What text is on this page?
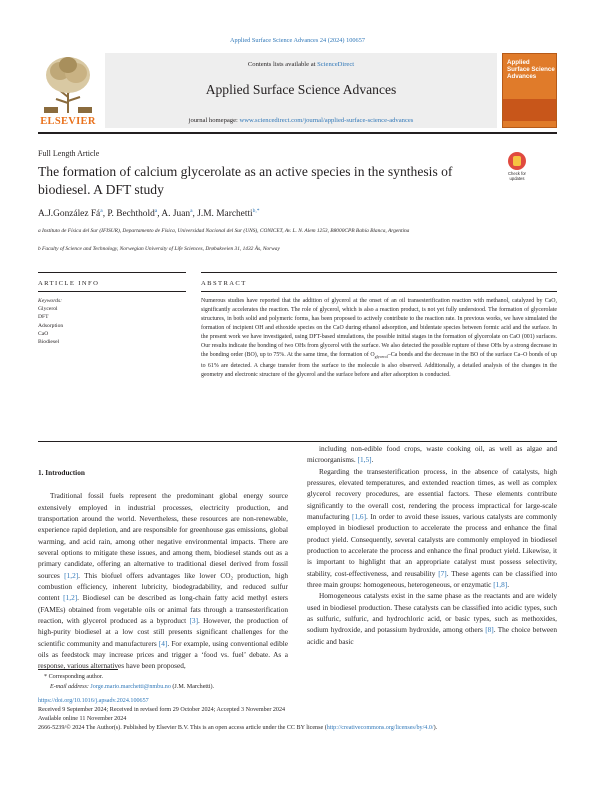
Applied Surface Science Advances 24 (2024) 100657
ELSEVIER
Contents lists available at ScienceDirect
Applied Surface Science Advances
journal homepage: www.sciencedirect.com/journal/applied-surface-science-advances
Applied
Surface Science
Advances
Full Length Article
The formation of calcium glycerolate as an active species in the synthesis of biodiesel. A DFT study
Check for
updates
A.J.González $Fá^a$, P. Bechthold$^a$, A. Juan$^a$, J.M. Marchetti$^{b,*}$
a Instituto de Física del Sur (IFISUR), Departamento de Física, Universidad Nacional del Sur (UNS), CONICET, Av. L. N. Alem 1253, B8000CPB Bahía Blanca, Argentina
b Faculty of Science and Technology, Norwegian University of Life Sciences, Drøbakveien 31, 1432 Ås, Norway
ARTICLE INFO	ABSTRACT
Keywords:
Glycerol
DFT
Adsorption
CaO
Biodiesel
Numerous studies have reported that the addition of glycerol at the onset of an oil transesterification reaction with methanol, catalyzed by CaO, significantly accelerates the reaction. The role of glycerol, which is also a reaction product, is not yet fully understood. The formation of glycerolate structures, in both solid and polymeric forms, has been proposed to actively contribute to the reaction rate. In previous works, we have simulated the formation of incipient OH and ethoxide species on the CaO during ethanol adsorption, and bidentate species between formic acid and the surface. In the present work we have investigated, using DFT-based simulations, the possible initial stages in the formation of glycerolate on CaO (001) surfaces. Our results indicate the bonding of two OHs from glycerol with the surface. We also detected the possible rupture of these OHs by a strong decrease in the bonding order (BO), up to 75%. At the same time, the formation of $O_{glycerol}-Ca$ bonds and the decrease in the BO of the surface Ca–O bonds of up to 61% are detected. A charge transfer from the surface to the molecule is also observed. Additionally, a detailed analysis of the changes in the geometry and electronic structure of the glycerol and the surface before and after adsorption is conducted.

1. Introduction

Traditional fossil fuels represent the predominant global energy source extensively employed in industrial processes, electricity production, and transportation around the world. Nevertheless, these resources are non-renewable, experience rapid depletion, and are responsible for greenhouse gas emissions, global warming, and acid rain, among other negative environmental impacts. There are several options to mitigate these issues, and among them, biodiesel stands out as a primary candidate, offering an alternative to traditional diesel derived from fossil sources [1,2]. This biofuel offers advantages like lower CO₂ production, high combustion efficiency, inherent lubricity, biodegradability, and reduced sulfur content [1,2]. Biodiesel can be described as long-chain fatty acid methyl esters (FAMEs) obtained from vegetable oils or animal fats through a transesterification reaction, with glycerol produced as a byproduct [3]. However, the production of high-purity biodiesel at a low cost still presents significant challenges for the scientific community and manufacturers [4]. For example, using conventional edible oils as feedstock may increase prices and trigger a ‘food vs. fuel’ debate. As a response, various alternatives have been proposed,

including non-edible food crops, waste cooking oil, as well as algae and microorganisms. [1,5].

Regarding the transesterification process, in the absence of catalysts, high pressures, elevated temperatures, and extended reaction times, as well as complex glycerol recovery procedures, are essential factors. These elements contribute significantly to the overall cost, rendering the process impractical for large-scale manufacturing [1,6]. In order to avoid these issues, various catalysts are commonly employed in biodiesel production to accelerate the process and enhance the final product yield. Consequently, several catalysts are commonly employed in biodiesel production to accelerate the process and enhance the final product yield. Likewise, it is important to highlight that an appropriate catalyst must possess selectivity, stability, cost-effectiveness, and reusability [7]. These agents can be classified into three main groups: homogeneous, heterogeneous, or enzymatic [1,8].

Homogeneous catalysts exist in the same phase as the reactants and are widely used in biodiesel production. These catalysts can be classified into acidic types, such as sulfuric, sulfuric, and hydrochloric acid, or basic types, such as methoxides, sodium hydroxide, and potassium hydroxide, among others [8]. The choice between acidic and basic

* Corresponding author.
E-mail address: Jorge.mario.marchetti@nmbu.no (J.M. Marchetti).
https://doi.org/10.1016/j.apsadv.2024.100657
Received 9 September 2024; Received in revised form 29 October 2024; Accepted 3 November 2024
Available online 11 November 2024
2666-5239/© 2024 The Author(s). Published by Elsevier B.V. This is an open access article under the CC BY license (http://creativecommons.org/licenses/by/4.0/).
